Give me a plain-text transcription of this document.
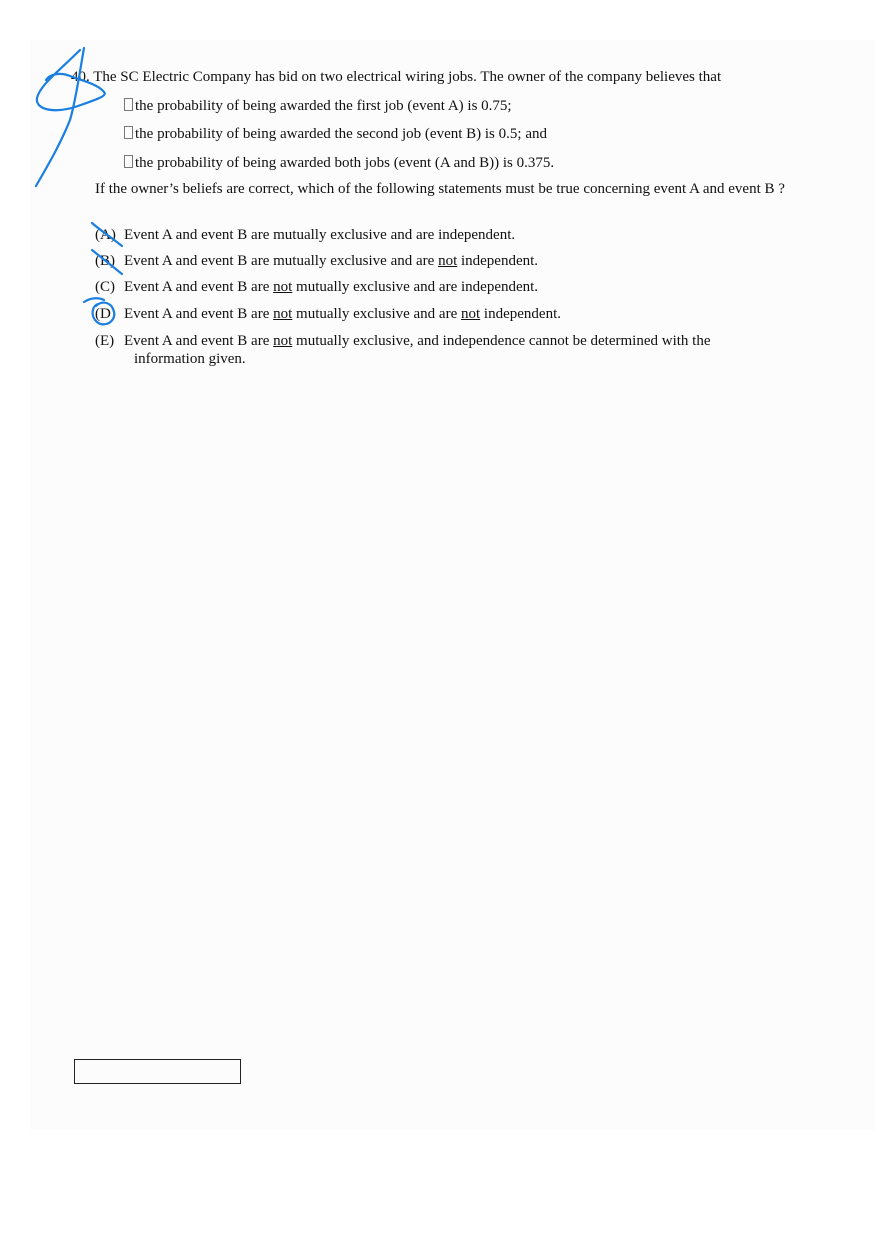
40. The SC Electric Company has bid on two electrical wiring jobs. The owner of the company believes that
the probability of being awarded the first job (event A) is 0.75;
the probability of being awarded the second job (event B) is 0.5; and
the probability of being awarded both jobs (event (A and B)) is 0.375.
If the owner’s beliefs are correct, which of the following statements must be true concerning event A and event B ?
(A) Event A and event B are mutually exclusive and are independent.
(B) Event A and event B are mutually exclusive and are not independent.
(C) Event A and event B are not mutually exclusive and are independent.
(D) Event A and event B are not mutually exclusive and are not independent.
(E) Event A and event B are not mutually exclusive, and independence cannot be determined with the
information given.
